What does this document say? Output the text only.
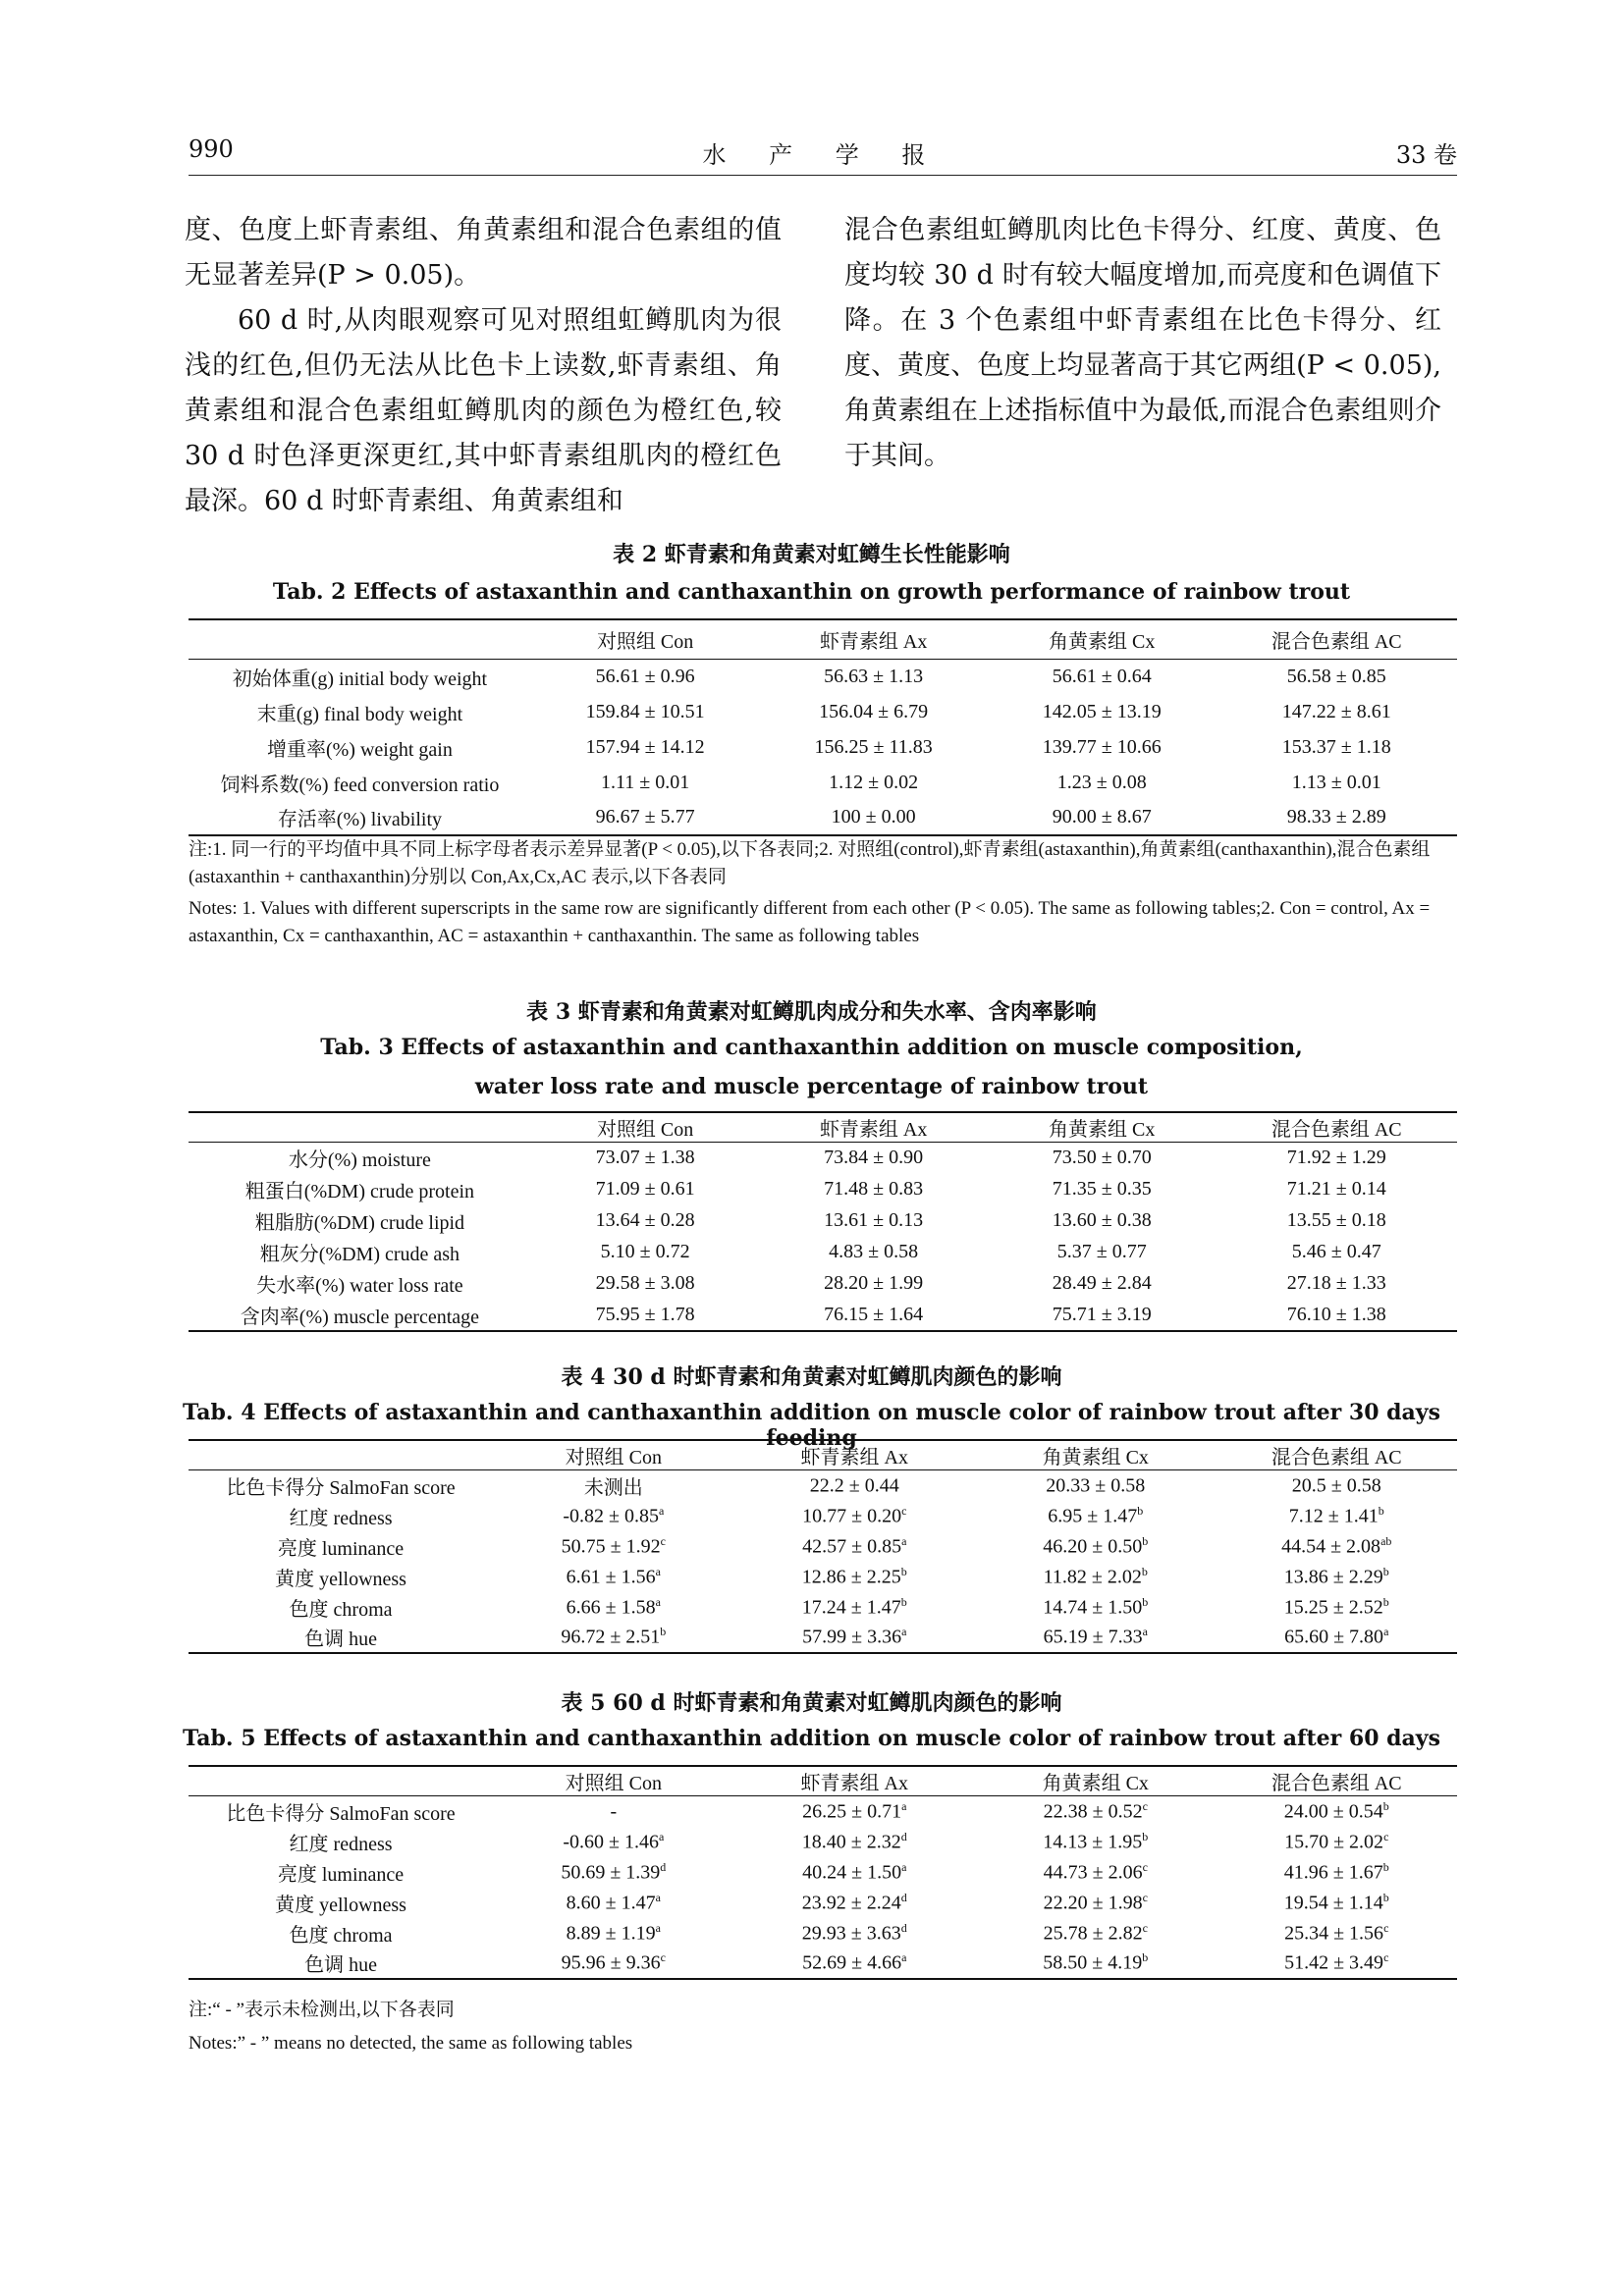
990	水 产 学 报	33 卷

度、色度上虾青素组、角黄素组和混合色素组的值无显著差异(P > 0.05)。

60 d 时,从肉眼观察可见对照组虹鳟肌肉为很浅的红色,但仍无法从比色卡上读数,虾青素组、角黄素组和混合色素组虹鳟肌肉的颜色为橙红色,较 30 d 时色泽更深更红,其中虾青素组肌肉的橙红色最深。60 d 时虾青素组、角黄素组和

混合色素组虹鳟肌肉比色卡得分、红度、黄度、色度均较 30 d 时有较大幅度增加,而亮度和色调值下降。在 3 个色素组中虾青素组在比色卡得分、红度、黄度、色度上均显著高于其它两组(P < 0.05),角黄素组在上述指标值中为最低,而混合色素组则介于其间。

表 2 虾青素和角黄素对虹鳟生长性能影响
Tab. 2 Effects of astaxanthin and canthaxanthin on growth performance of rainbow trout
	对照组 Con	虾青素组 Ax	角黄素组 Cx	混合色素组 AC
初始体重(g) initial body weight	56.61 ± 0.96	56.63 ± 1.13	56.61 ± 0.64	56.58 ± 0.85
末重(g) final body weight	159.84 ± 10.51	156.04 ± 6.79	142.05 ± 13.19	147.22 ± 8.61
增重率(%) weight gain	157.94 ± 14.12	156.25 ± 11.83	139.77 ± 10.66	153.37 ± 1.18
饲料系数(%) feed conversion ratio	1.11 ± 0.01	1.12 ± 0.02	1.23 ± 0.08	1.13 ± 0.01
存活率(%) livability	96.67 ± 5.77	100 ± 0.00	90.00 ± 8.67	98.33 ± 2.89

注:1. 同一行的平均值中具不同上标字母者表示差异显著(P < 0.05),以下各表同;2. 对照组(control),虾青素组(astaxanthin),角黄素组(canthaxanthin),混合色素组(astaxanthin + canthaxanthin)分别以 Con,Ax,Cx,AC 表示,以下各表同

Notes: 1. Values with different superscripts in the same row are significantly different from each other (P < 0.05). The same as following tables;2. Con = control, Ax = astaxanthin, Cx = canthaxanthin, AC = astaxanthin + canthaxanthin. The same as following tables

表 3 虾青素和角黄素对虹鳟肌肉成分和失水率、含肉率影响
Tab. 3 Effects of astaxanthin and canthaxanthin addition on muscle composition,
water loss rate and muscle percentage of rainbow trout
	对照组 Con	虾青素组 Ax	角黄素组 Cx	混合色素组 AC
水分(%) moisture	73.07 ± 1.38	73.84 ± 0.90	73.50 ± 0.70	71.92 ± 1.29
粗蛋白(%DM) crude protein	71.09 ± 0.61	71.48 ± 0.83	71.35 ± 0.35	71.21 ± 0.14
粗脂肪(%DM) crude lipid	13.64 ± 0.28	13.61 ± 0.13	13.60 ± 0.38	13.55 ± 0.18
粗灰分(%DM) crude ash	5.10 ± 0.72	4.83 ± 0.58	5.37 ± 0.77	5.46 ± 0.47
失水率(%) water loss rate	29.58 ± 3.08	28.20 ± 1.99	28.49 ± 2.84	27.18 ± 1.33
含肉率(%) muscle percentage	75.95 ± 1.78	76.15 ± 1.64	75.71 ± 3.19	76.10 ± 1.38
表 4 30 d 时虾青素和角黄素对虹鳟肌肉颜色的影响
Tab. 4 Effects of astaxanthin and canthaxanthin addition on muscle color of rainbow trout after 30 days feeding
	对照组 Con	虾青素组 Ax	角黄素组 Cx	混合色素组 AC
比色卡得分 SalmoFan score	未测出	22.2 ± 0.44	20.33 ± 0.58	20.5 ± 0.58
红度 redness	-0.82 ± 0.85$^a$	10.77 ± 0.20$^c$	6.95 ± 1.47$^b$	7.12 ± 1.41$^b$
亮度 luminance	50.75 ± 1.92$^c$	42.57 ± 0.85$^a$	46.20 ± 0.50$^b$	44.54 ± 2.08$^{ab}$
黄度 yellowness	6.61 ± 1.56$^a$	12.86 ± 2.25$^b$	11.82 ± 2.02$^b$	13.86 ± 2.29$^b$
色度 chroma	6.66 ± 1.58$^a$	17.24 ± 1.47$^b$	14.74 ± 1.50$^b$	15.25 ± 2.52$^b$
色调 hue	96.72 ± 2.51$^b$	57.99 ± 3.36$^a$	65.19 ± 7.33$^a$	65.60 ± 7.80$^a$
表 5 60 d 时虾青素和角黄素对虹鳟肌肉颜色的影响
Tab. 5 Effects of astaxanthin and canthaxanthin addition on muscle color of rainbow trout after 60 days
	对照组 Con	虾青素组 Ax	角黄素组 Cx	混合色素组 AC
比色卡得分 SalmoFan score	-	26.25 ± 0.71$^a$	22.38 ± 0.52$^c$	24.00 ± 0.54$^b$
红度 redness	-0.60 ± 1.46$^a$	18.40 ± 2.32$^d$	14.13 ± 1.95$^b$	15.70 ± 2.02$^c$
亮度 luminance	50.69 ± 1.39$^d$	40.24 ± 1.50$^a$	44.73 ± 2.06$^c$	41.96 ± 1.67$^b$
黄度 yellowness	8.60 ± 1.47$^a$	23.92 ± 2.24$^d$	22.20 ± 1.98$^c$	19.54 ± 1.14$^b$
色度 chroma	8.89 ± 1.19$^a$	29.93 ± 3.63$^d$	25.78 ± 2.82$^c$	25.34 ± 1.56$^c$
色调 hue	95.96 ± 9.36$^c$	52.69 ± 4.66$^a$	58.50 ± 4.19$^b$	51.42 ± 3.49$^c$

注:“ - ”表示未检测出,以下各表同

Notes:” - ” means no detected, the same as following tables
